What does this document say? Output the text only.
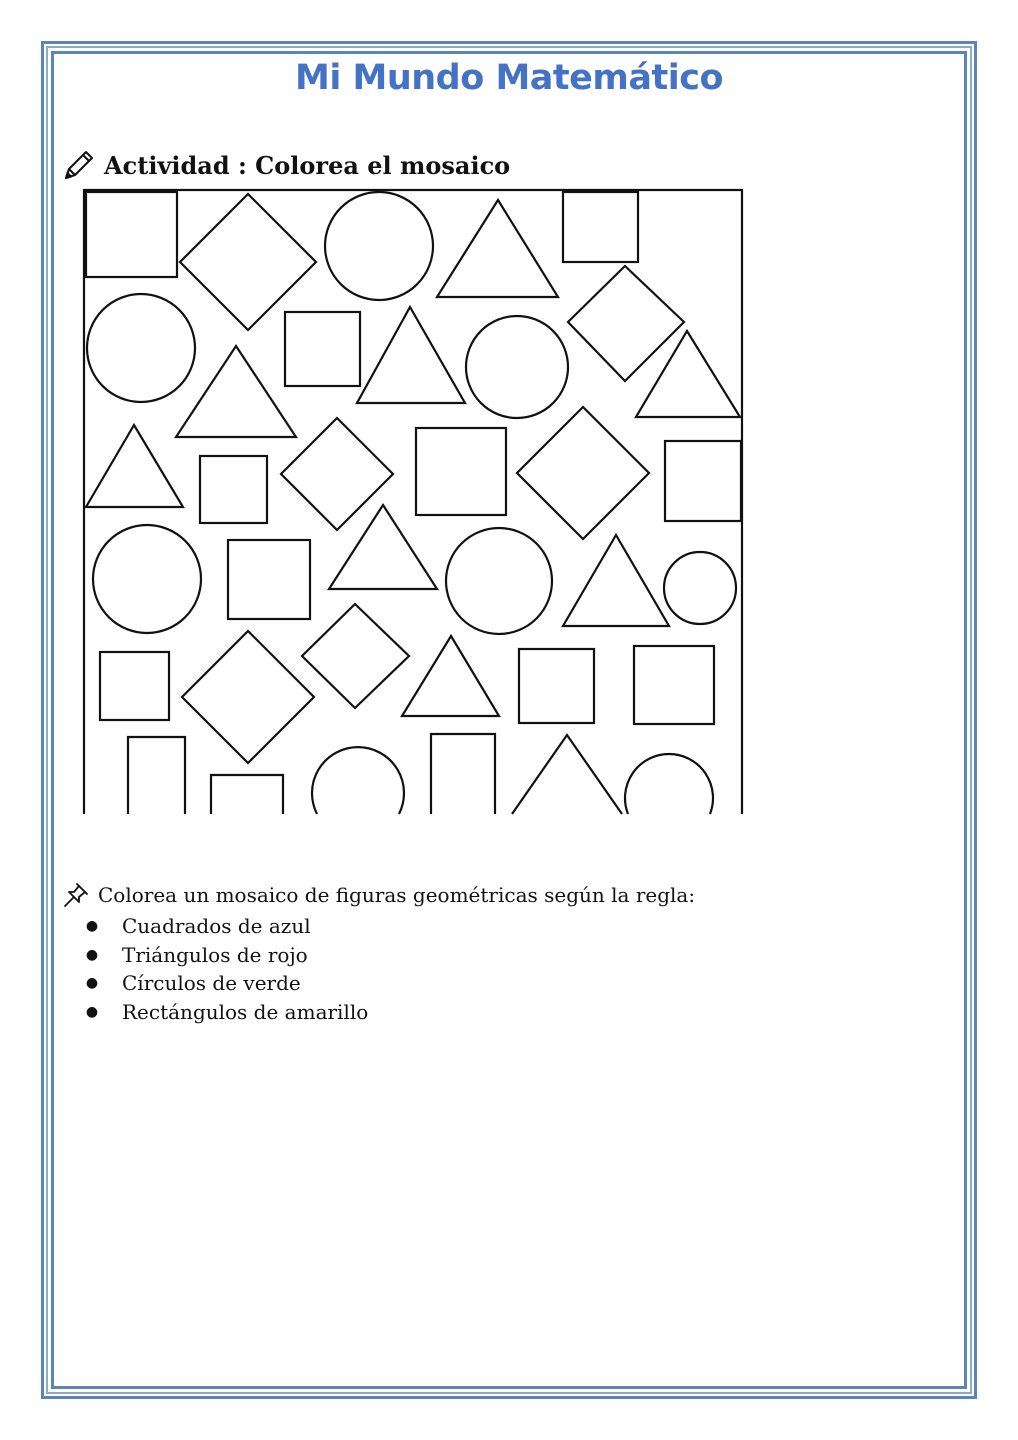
Mi Mundo Matemático
Actividad : Colorea el mosaico
Colorea un mosaico de figuras geométricas según la regla:
●	Cuadrados de azul
●	Triángulos de rojo
●	Círculos de verde
●	Rectángulos de amarillo
